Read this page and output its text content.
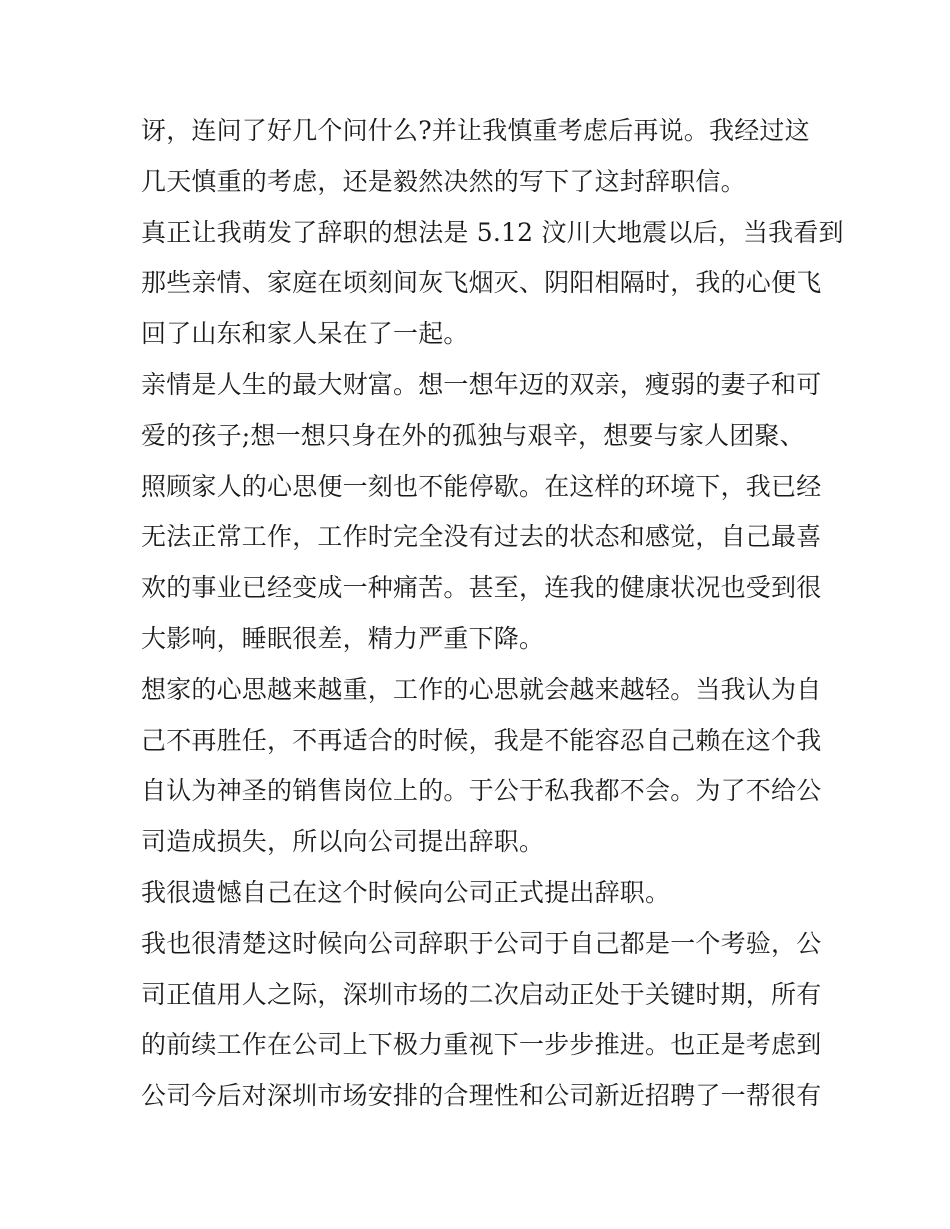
讶，连问了好几个问什么?并让我慎重考虑后再说。我经过这
几天慎重的考虑，还是毅然决然的写下了这封辞职信。
真正让我萌发了辞职的想法是 5.12 汶川大地震以后，当我看到
那些亲情、家庭在顷刻间灰飞烟灭、阴阳相隔时，我的心便飞
回了山东和家人呆在了一起。
亲情是人生的最大财富。想一想年迈的双亲，瘦弱的妻子和可
爱的孩子;想一想只身在外的孤独与艰辛，想要与家人团聚、
照顾家人的心思便一刻也不能停歇。在这样的环境下，我已经
无法正常工作，工作时完全没有过去的状态和感觉，自己最喜
欢的事业已经变成一种痛苦。甚至，连我的健康状况也受到很
大影响，睡眠很差，精力严重下降。
想家的心思越来越重，工作的心思就会越来越轻。当我认为自
己不再胜任，不再适合的时候，我是不能容忍自己赖在这个我
自认为神圣的销售岗位上的。于公于私我都不会。为了不给公
司造成损失，所以向公司提出辞职。
我很遗憾自己在这个时候向公司正式提出辞职。
我也很清楚这时候向公司辞职于公司于自己都是一个考验，公
司正值用人之际，深圳市场的二次启动正处于关键时期，所有
的前续工作在公司上下极力重视下一步步推进。也正是考虑到
公司今后对深圳市场安排的合理性和公司新近招聘了一帮很有
